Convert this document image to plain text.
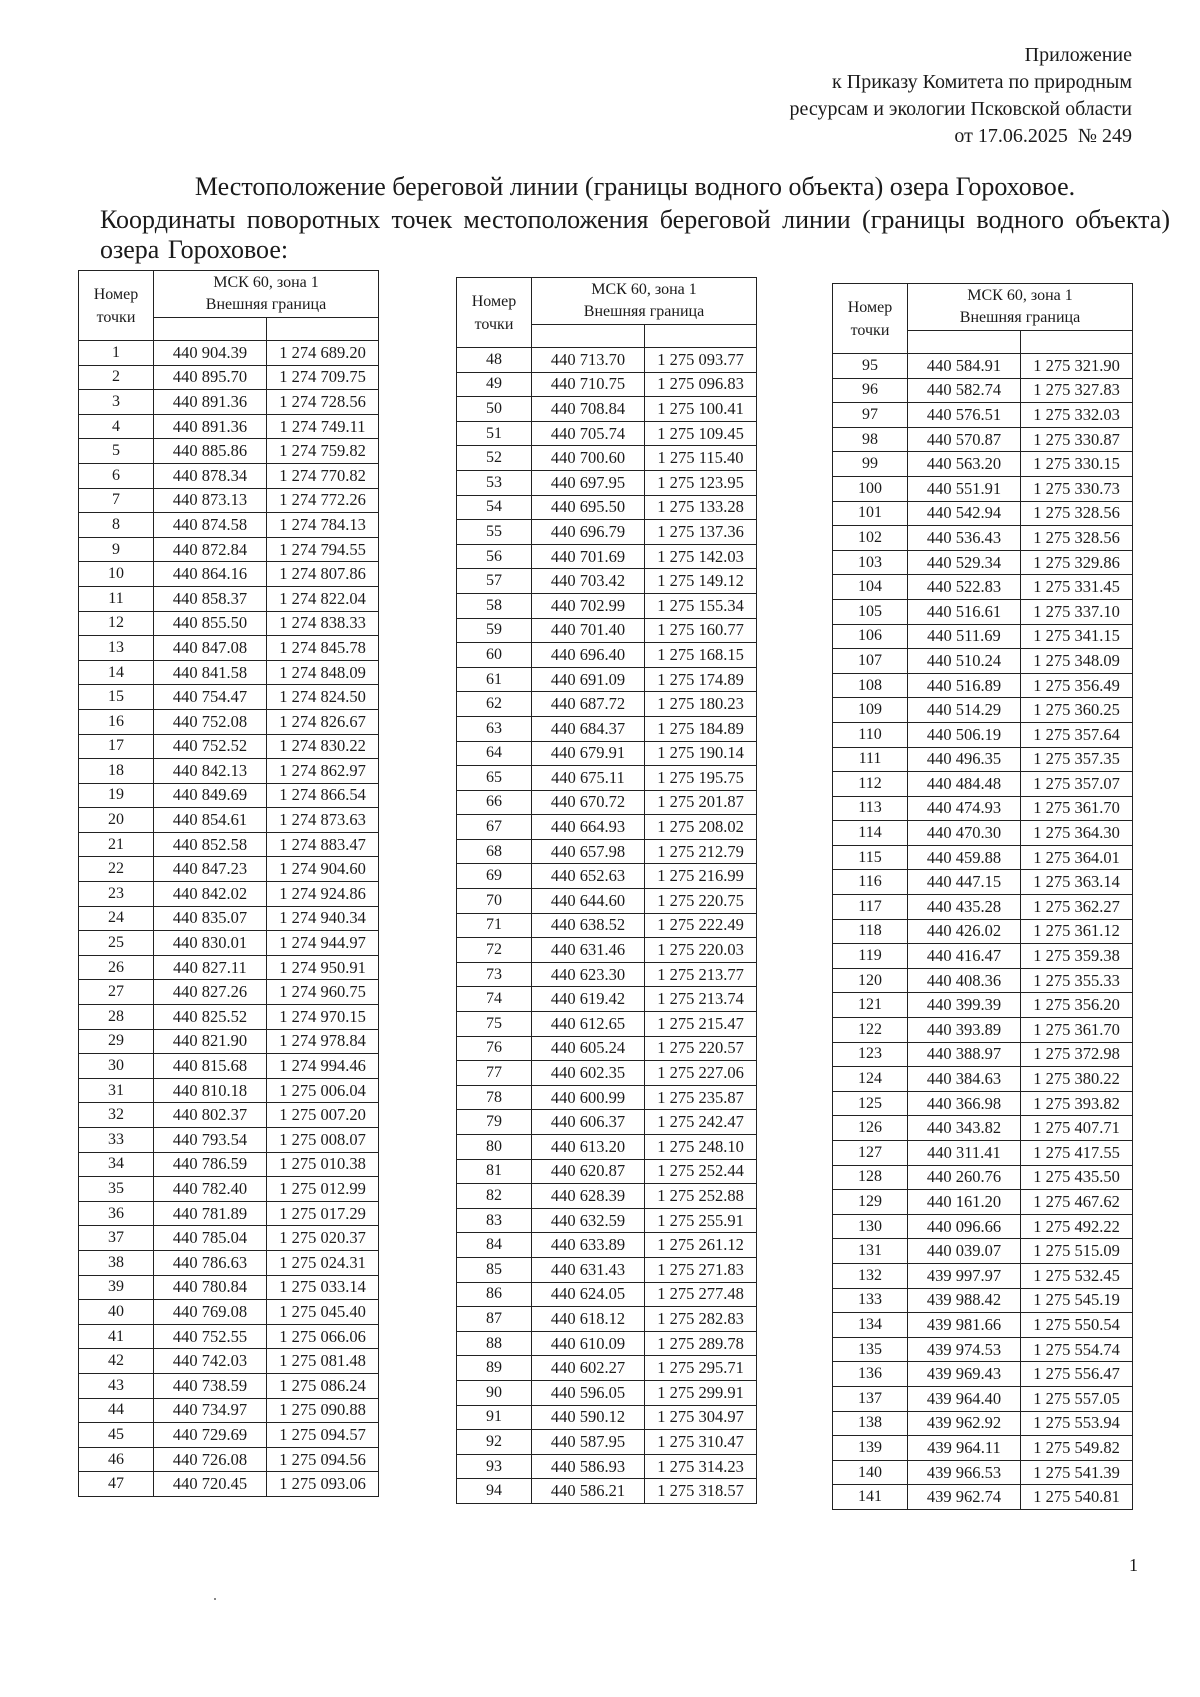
Приложение
к Приказу Комитета по природным
ресурсам и экологии Псковской области
от 17.06.2025 № 249
Местоположение береговой линии (границы водного объекта) озера Гороховое.
Координаты поворотных точек местоположения береговой линии (границы водного объекта) озера Гороховое:
Номер точки	МСК 60, зона 1
Внешняя граница	

1	440 904.39	1 274 689.20
2	440 895.70	1 274 709.75
3	440 891.36	1 274 728.56
4	440 891.36	1 274 749.11
5	440 885.86	1 274 759.82
6	440 878.34	1 274 770.82
7	440 873.13	1 274 772.26
8	440 874.58	1 274 784.13
9	440 872.84	1 274 794.55
10	440 864.16	1 274 807.86
11	440 858.37	1 274 822.04
12	440 855.50	1 274 838.33
13	440 847.08	1 274 845.78
14	440 841.58	1 274 848.09
15	440 754.47	1 274 824.50
16	440 752.08	1 274 826.67
17	440 752.52	1 274 830.22
18	440 842.13	1 274 862.97
19	440 849.69	1 274 866.54
20	440 854.61	1 274 873.63
21	440 852.58	1 274 883.47
22	440 847.23	1 274 904.60
23	440 842.02	1 274 924.86
24	440 835.07	1 274 940.34
25	440 830.01	1 274 944.97
26	440 827.11	1 274 950.91
27	440 827.26	1 274 960.75
28	440 825.52	1 274 970.15
29	440 821.90	1 274 978.84
30	440 815.68	1 274 994.46
31	440 810.18	1 275 006.04
32	440 802.37	1 275 007.20
33	440 793.54	1 275 008.07
34	440 786.59	1 275 010.38
35	440 782.40	1 275 012.99
36	440 781.89	1 275 017.29
37	440 785.04	1 275 020.37
38	440 786.63	1 275 024.31
39	440 780.84	1 275 033.14
40	440 769.08	1 275 045.40
41	440 752.55	1 275 066.06
42	440 742.03	1 275 081.48
43	440 738.59	1 275 086.24
44	440 734.97	1 275 090.88
45	440 729.69	1 275 094.57
46	440 726.08	1 275 094.56
47	440 720.45	1 275 093.06
Номер точки	МСК 60, зона 1
Внешняя граница	

48	440 713.70	1 275 093.77
49	440 710.75	1 275 096.83
50	440 708.84	1 275 100.41
51	440 705.74	1 275 109.45
52	440 700.60	1 275 115.40
53	440 697.95	1 275 123.95
54	440 695.50	1 275 133.28
55	440 696.79	1 275 137.36
56	440 701.69	1 275 142.03
57	440 703.42	1 275 149.12
58	440 702.99	1 275 155.34
59	440 701.40	1 275 160.77
60	440 696.40	1 275 168.15
61	440 691.09	1 275 174.89
62	440 687.72	1 275 180.23
63	440 684.37	1 275 184.89
64	440 679.91	1 275 190.14
65	440 675.11	1 275 195.75
66	440 670.72	1 275 201.87
67	440 664.93	1 275 208.02
68	440 657.98	1 275 212.79
69	440 652.63	1 275 216.99
70	440 644.60	1 275 220.75
71	440 638.52	1 275 222.49
72	440 631.46	1 275 220.03
73	440 623.30	1 275 213.77
74	440 619.42	1 275 213.74
75	440 612.65	1 275 215.47
76	440 605.24	1 275 220.57
77	440 602.35	1 275 227.06
78	440 600.99	1 275 235.87
79	440 606.37	1 275 242.47
80	440 613.20	1 275 248.10
81	440 620.87	1 275 252.44
82	440 628.39	1 275 252.88
83	440 632.59	1 275 255.91
84	440 633.89	1 275 261.12
85	440 631.43	1 275 271.83
86	440 624.05	1 275 277.48
87	440 618.12	1 275 282.83
88	440 610.09	1 275 289.78
89	440 602.27	1 275 295.71
90	440 596.05	1 275 299.91
91	440 590.12	1 275 304.97
92	440 587.95	1 275 310.47
93	440 586.93	1 275 314.23
94	440 586.21	1 275 318.57
Номер точки	МСК 60, зона 1
Внешняя граница	

95	440 584.91	1 275 321.90
96	440 582.74	1 275 327.83
97	440 576.51	1 275 332.03
98	440 570.87	1 275 330.87
99	440 563.20	1 275 330.15
100	440 551.91	1 275 330.73
101	440 542.94	1 275 328.56
102	440 536.43	1 275 328.56
103	440 529.34	1 275 329.86
104	440 522.83	1 275 331.45
105	440 516.61	1 275 337.10
106	440 511.69	1 275 341.15
107	440 510.24	1 275 348.09
108	440 516.89	1 275 356.49
109	440 514.29	1 275 360.25
110	440 506.19	1 275 357.64
111	440 496.35	1 275 357.35
112	440 484.48	1 275 357.07
113	440 474.93	1 275 361.70
114	440 470.30	1 275 364.30
115	440 459.88	1 275 364.01
116	440 447.15	1 275 363.14
117	440 435.28	1 275 362.27
118	440 426.02	1 275 361.12
119	440 416.47	1 275 359.38
120	440 408.36	1 275 355.33
121	440 399.39	1 275 356.20
122	440 393.89	1 275 361.70
123	440 388.97	1 275 372.98
124	440 384.63	1 275 380.22
125	440 366.98	1 275 393.82
126	440 343.82	1 275 407.71
127	440 311.41	1 275 417.55
128	440 260.76	1 275 435.50
129	440 161.20	1 275 467.62
130	440 096.66	1 275 492.22
131	440 039.07	1 275 515.09
132	439 997.97	1 275 532.45
133	439 988.42	1 275 545.19
134	439 981.66	1 275 550.54
135	439 974.53	1 275 554.74
136	439 969.43	1 275 556.47
137	439 964.40	1 275 557.05
138	439 962.92	1 275 553.94
139	439 964.11	1 275 549.82
140	439 966.53	1 275 541.39
141	439 962.74	1 275 540.81
1
